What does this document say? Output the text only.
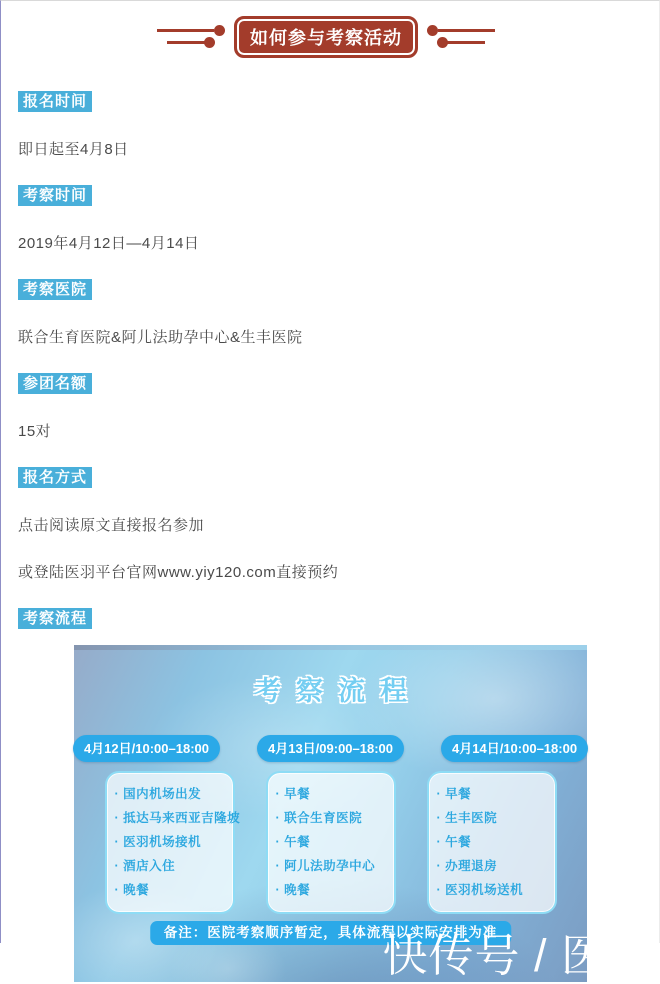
如何参与考察活动
报名时间

即日起至4月8日

考察时间

2019年4月12日—4月14日

考察医院

联合生育医院&阿儿法助孕中心&生丰医院

参团名额

15对

报名方式

点击阅读原文直接报名参加

或登陆医羽平台官网www.yiy120.com直接预约

考察流程
考察流程
4月12日/10:00–18:00	4月13日/09:00–18:00	4月14日/10:00–18:00
· 国内机场出发
· 抵达马来西亚吉隆坡
· 医羽机场接机
· 酒店入住
· 晚餐
· 早餐
· 联合生育医院
· 午餐
· 阿儿法助孕中心
· 晚餐
· 早餐
· 生丰医院
· 午餐
· 办理退房
· 医羽机场送机
备注：医院考察顺序暂定，具体流程以实际安排为准
快传号 / 医
